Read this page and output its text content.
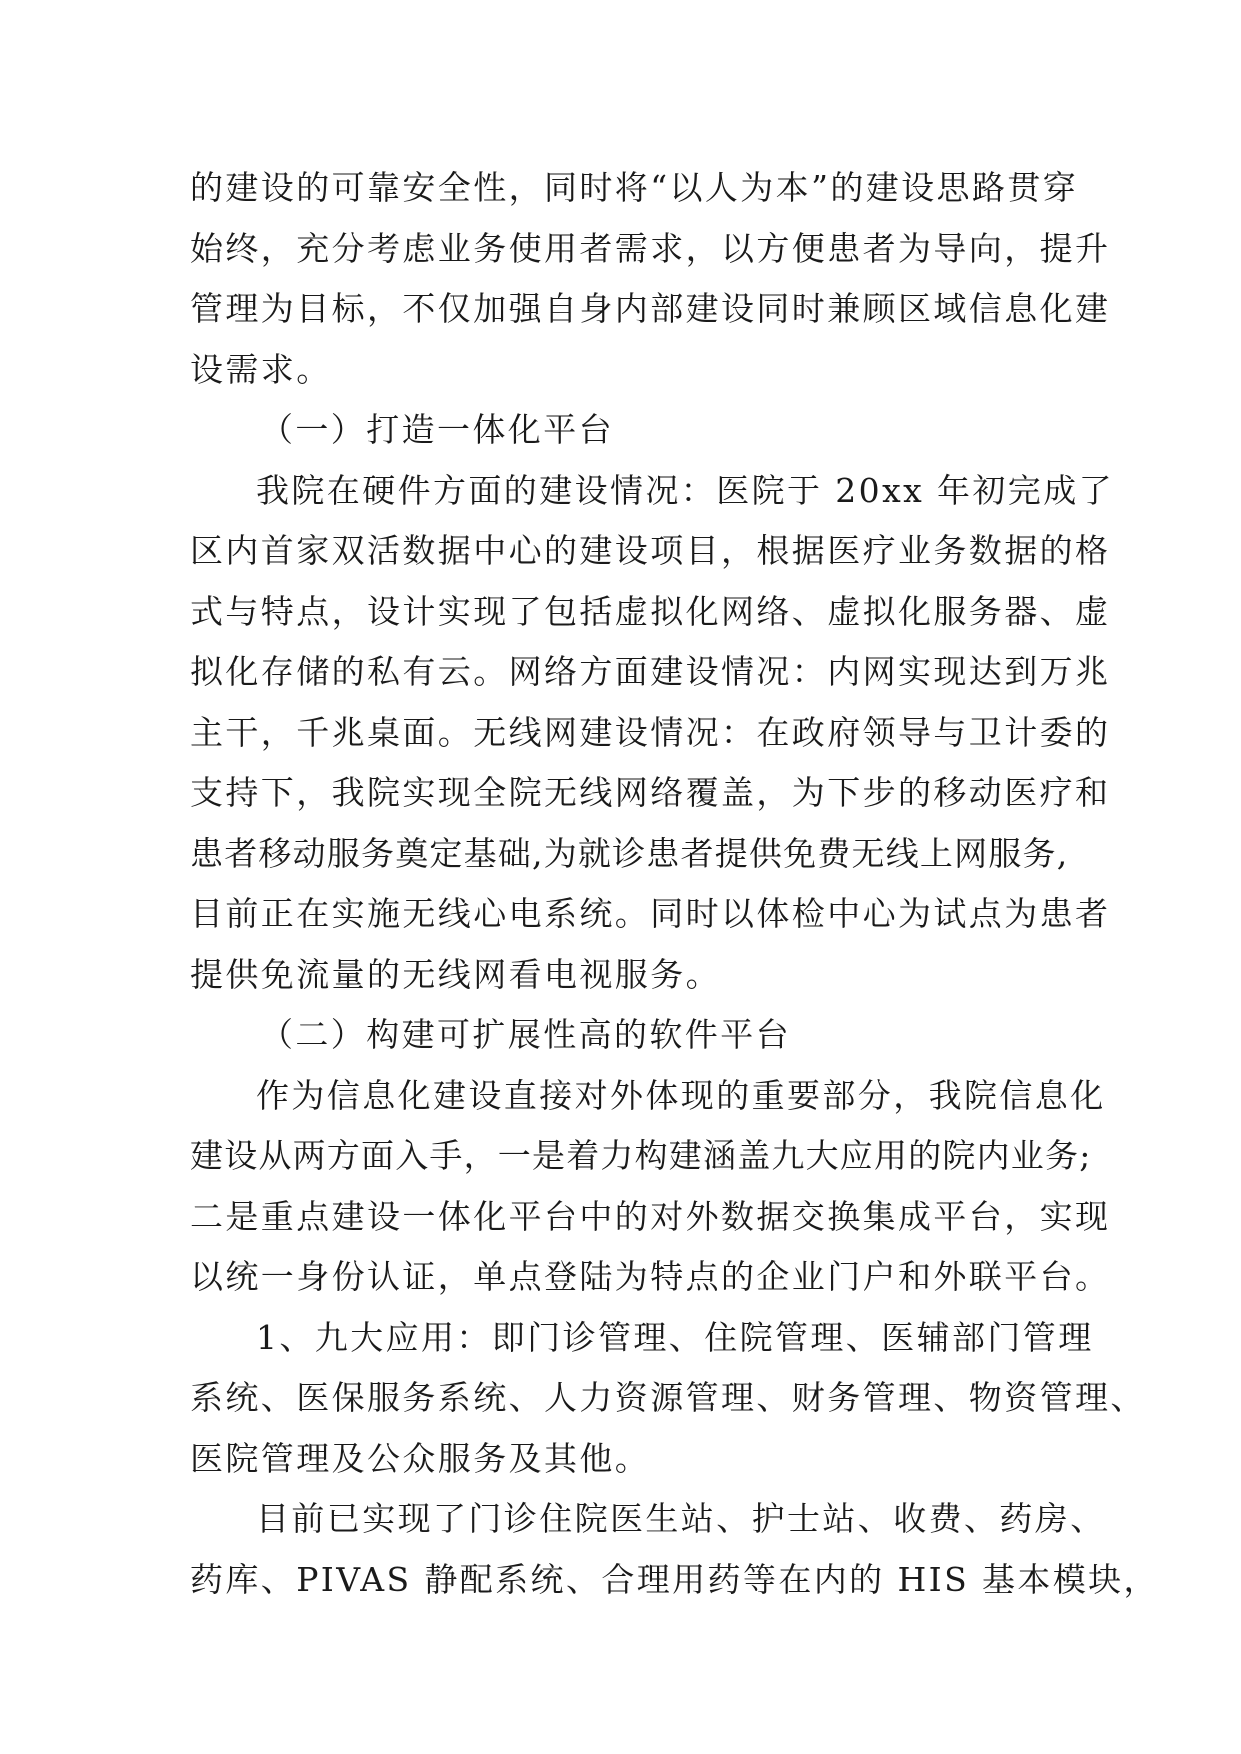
的建设的可靠安全性，同时将“以人为本”的建设思路贯穿
始终，充分考虑业务使用者需求，以方便患者为导向，提升
管理为目标，不仅加强自身内部建设同时兼顾区域信息化建
设需求。
（一）打造一体化平台
我院在硬件方面的建设情况：医院于 20xx 年初完成了
区内首家双活数据中心的建设项目，根据医疗业务数据的格
式与特点，设计实现了包括虚拟化网络、虚拟化服务器、虚
拟化存储的私有云。网络方面建设情况：内网实现达到万兆
主干，千兆桌面。无线网建设情况：在政府领导与卫计委的
支持下，我院实现全院无线网络覆盖，为下步的移动医疗和
患者移动服务奠定基础,为就诊患者提供免费无线上网服务,
目前正在实施无线心电系统。同时以体检中心为试点为患者
提供免流量的无线网看电视服务。
（二）构建可扩展性高的软件平台
作为信息化建设直接对外体现的重要部分，我院信息化
建设从两方面入手，一是着力构建涵盖九大应用的院内业务;
二是重点建设一体化平台中的对外数据交换集成平台，实现
以统一身份认证，单点登陆为特点的企业门户和外联平台。
1、九大应用：即门诊管理、住院管理、医辅部门管理
系统、医保服务系统、人力资源管理、财务管理、物资管理、
医院管理及公众服务及其他。
目前已实现了门诊住院医生站、护士站、收费、药房、
药库、PIVAS 静配系统、合理用药等在内的 HIS 基本模块，
